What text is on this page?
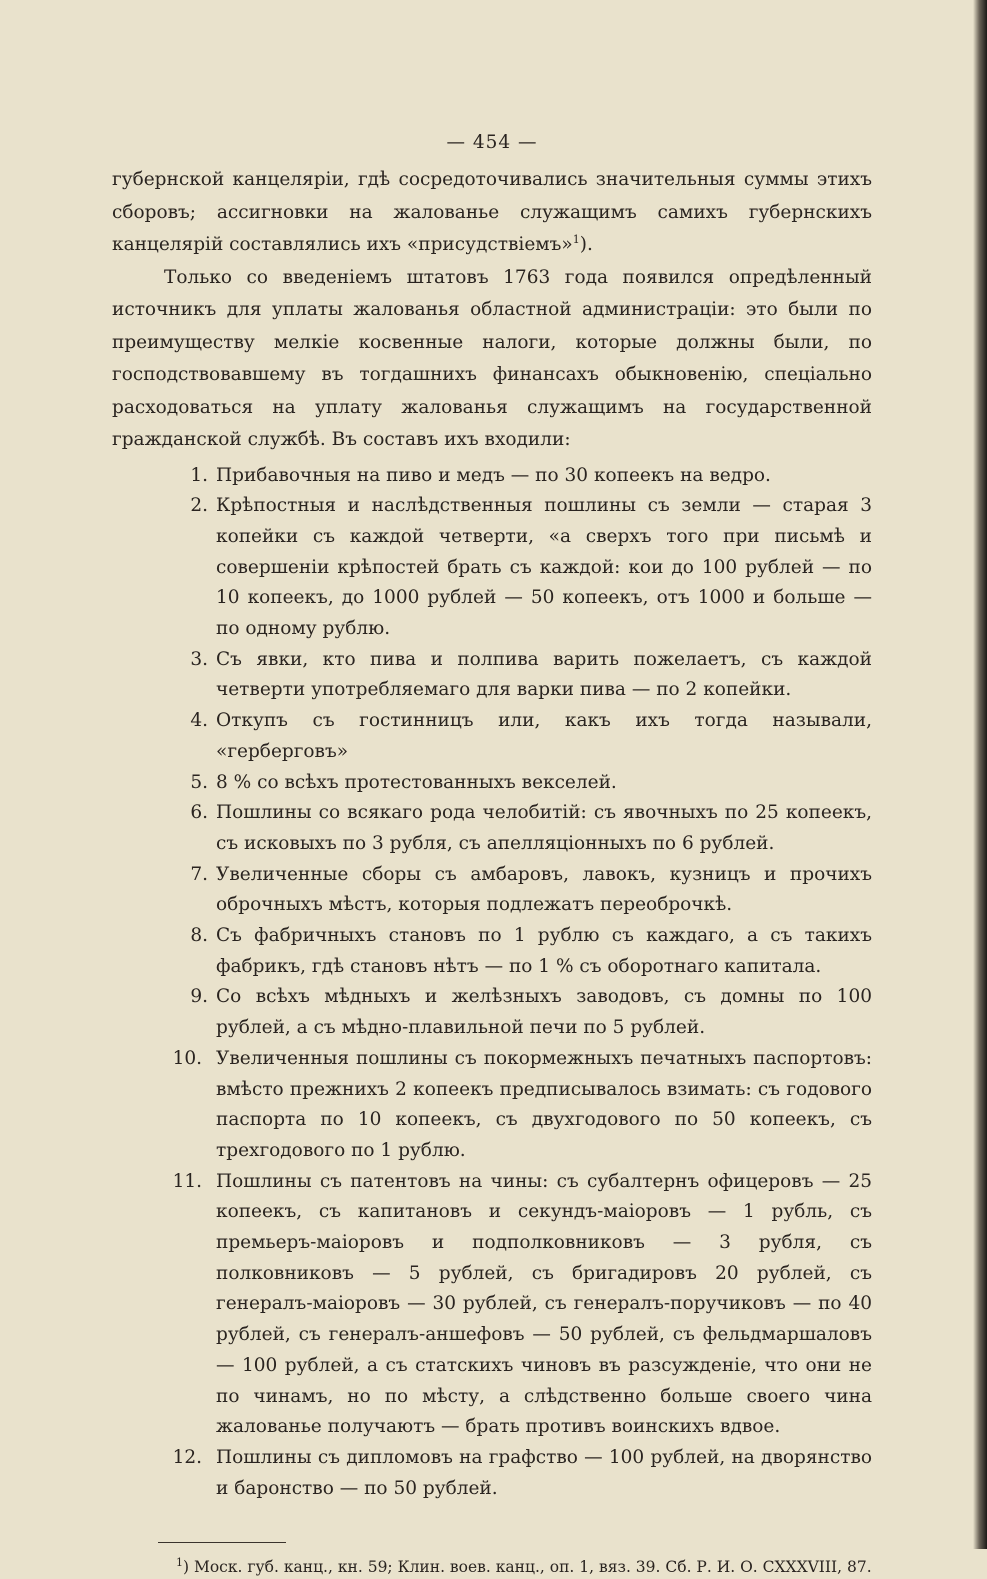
— 454 —

губернской канцеляріи, гдѣ сосредоточивались значительныя суммы этихъ сборовъ; ассигновки на жалованье служащимъ самихъ губернскихъ канцелярій составлялись ихъ «присудствіемъ»$^1$).

Только со введеніемъ штатовъ 1763 года появился опредѣленный источникъ для уплаты жалованья областной администраціи: это были по преимуществу мелкіе косвенные налоги, которые должны были, по господствовавшему въ тогдашнихъ финансахъ обыкновенію, спеціально расходоваться на уплату жалованья служащимъ на государственной гражданской службѣ. Въ составъ ихъ входили:

1. Прибавочныя на пиво и медъ — по 30 копеекъ на ведро.

2. Крѣпостныя и наслѣдственныя пошлины съ земли — старая 3 копейки съ каждой четверти, «а сверхъ того при письмѣ и совершеніи крѣпостей брать съ каждой: кои до 100 рублей — по 10 копеекъ, до 1000 рублей — 50 копеекъ, отъ 1000 и больше — по одному рублю.

3. Съ явки, кто пива и полпива варить пожелаетъ, съ каждой четверти употребляемаго для варки пива — по 2 копейки.

4. Откупъ съ гостинницъ или, какъ ихъ тогда называли, «герберговъ»

5. 8 % со всѣхъ протестованныхъ векселей.

6. Пошлины со всякаго рода челобитій: съ явочныхъ по 25 копеекъ, съ исковыхъ по 3 рубля, съ апелляціонныхъ по 6 рублей.

7. Увеличенные сборы съ амбаровъ, лавокъ, кузницъ и прочихъ оброчныхъ мѣстъ, которыя подлежатъ переоброчкѣ.

8. Съ фабричныхъ становъ по 1 рублю съ каждаго, а съ такихъ фабрикъ, гдѣ становъ нѣтъ — по 1 % съ оборотнаго капитала.

9. Со всѣхъ мѣдныхъ и желѣзныхъ заводовъ, съ домны по 100 рублей, а съ мѣдно-плавильной печи по 5 рублей.

10. Увеличенныя пошлины съ покормежныхъ печатныхъ паспортовъ: вмѣсто прежнихъ 2 копеекъ предписывалось взимать: съ годового паспорта по 10 копеекъ, съ двухгодового по 50 копеекъ, съ трехгодового по 1 рублю.

11. Пошлины съ патентовъ на чины: съ субалтернъ офицеровъ — 25 копеекъ, съ капитановъ и секундъ-маіоровъ — 1 рубль, съ премьеръ-маіоровъ и подполковниковъ — 3 рубля, съ полковниковъ — 5 рублей, съ бригадировъ 20 рублей, съ генералъ-маіоровъ — 30 рублей, съ генералъ-поручиковъ — по 40 рублей, съ генералъ-аншефовъ — 50 рублей, съ фельдмаршаловъ — 100 рублей, а съ статскихъ чиновъ въ разсужденіе, что они не по чинамъ, но по мѣсту, а слѣдственно больше своего чина жалованье получаютъ — брать противъ воинскихъ вдвое.

12. Пошлины съ дипломовъ на графство — 100 рублей, на дворянство и баронство — по 50 рублей.

$^1$) Моск. губ. канц., кн. 59; Клин. воев. канц., оп. 1, вяз. 39. Сб. Р. И. О. CXXXVIII, 87.
